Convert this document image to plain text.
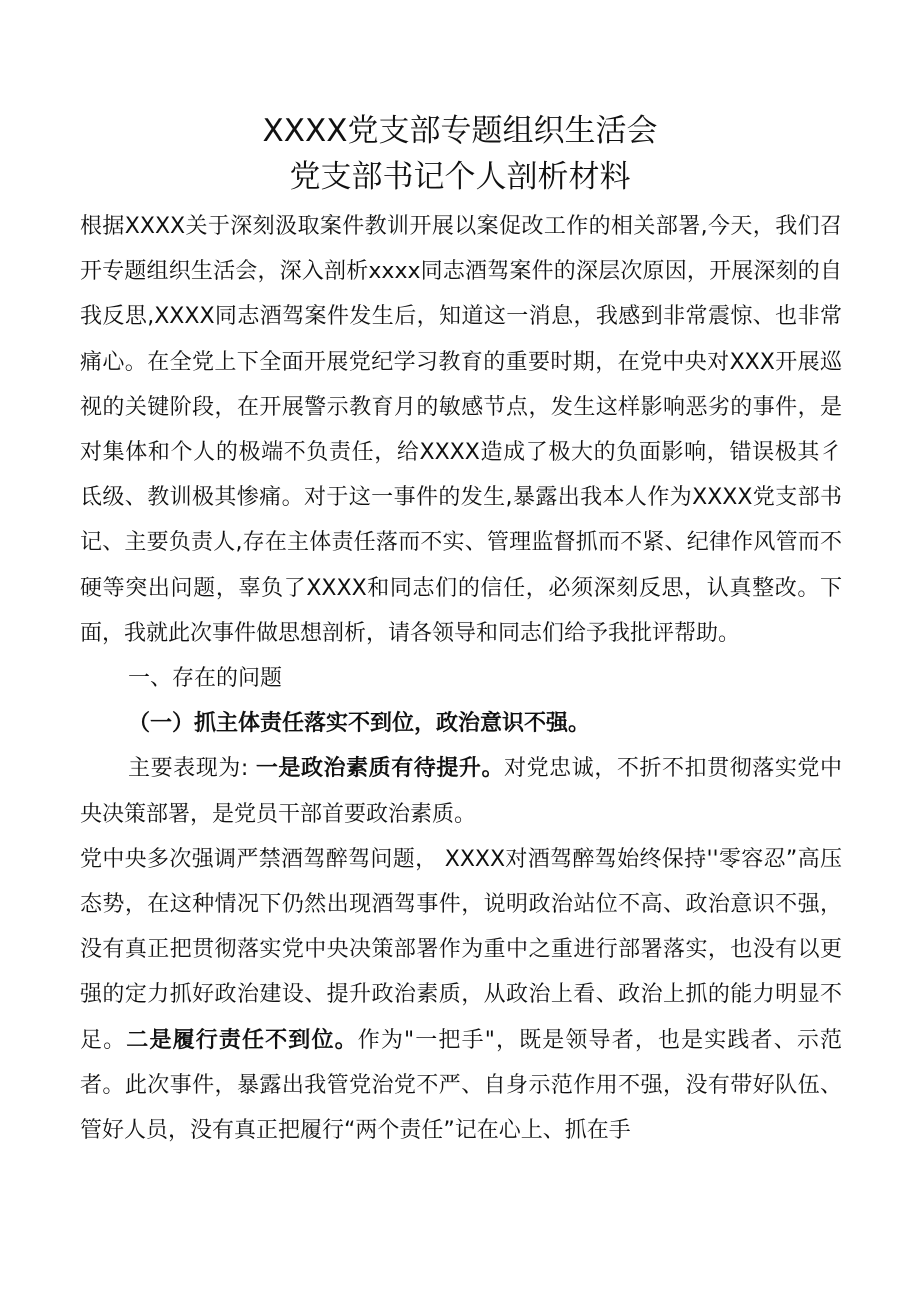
XXXX党支部专题组织生活会
党支部书记个人剖析材料

根据XXXX关于深刻汲取案件教训开展以案促改工作的相关部署,今天，我们召开专题组织生活会，深入剖析xxxx同志酒驾案件的深层次原因，开展深刻的自我反思,XXXX同志酒驾案件发生后，知道这一消息，我感到非常震惊、也非常痛心。在全党上下全面开展党纪学习教育的重要时期，在党中央对XXX开展巡视的关键阶段，在开展警示教育月的敏感节点，发生这样影响恶劣的事件，是对集体和个人的极端不负责任，给XXXX造成了极大的负面影响，错误极其彳氐级、教训极其惨痛。对于这一事件的发生,暴露出我本人作为XXXX党支部书记、主要负责人,存在主体责任落而不实、管理监督抓而不紧、纪律作风管而不硬等突出问题，辜负了XXXX和同志们的信任，必须深刻反思，认真整改。下面，我就此次事件做思想剖析，请各领导和同志们给予我批评帮助。

一、存在的问题

（一）抓主体责任落实不到位，政治意识不强。

主要表现为: 一是政治素质有待提升。对党忠诚，不折不扣贯彻落实党中央决策部署，是党员干部首要政治素质。

党中央多次强调严禁酒驾醉驾问题， XXXX对酒驾醉驾始终保持''零容忍”高压态势，在这种情况下仍然出现酒驾事件，说明政治站位不高、政治意识不强，没有真正把贯彻落实党中央决策部署作为重中之重进行部署落实，也没有以更强的定力抓好政治建设、提升政治素质，从政治上看、政治上抓的能力明显不足。二是履行责任不到位。作为"一把手"，既是领导者，也是实践者、示范者。此次事件，暴露出我管党治党不严、自身示范作用不强，没有带好队伍、管好人员，没有真正把履行“两个责任”记在心上、抓在手
